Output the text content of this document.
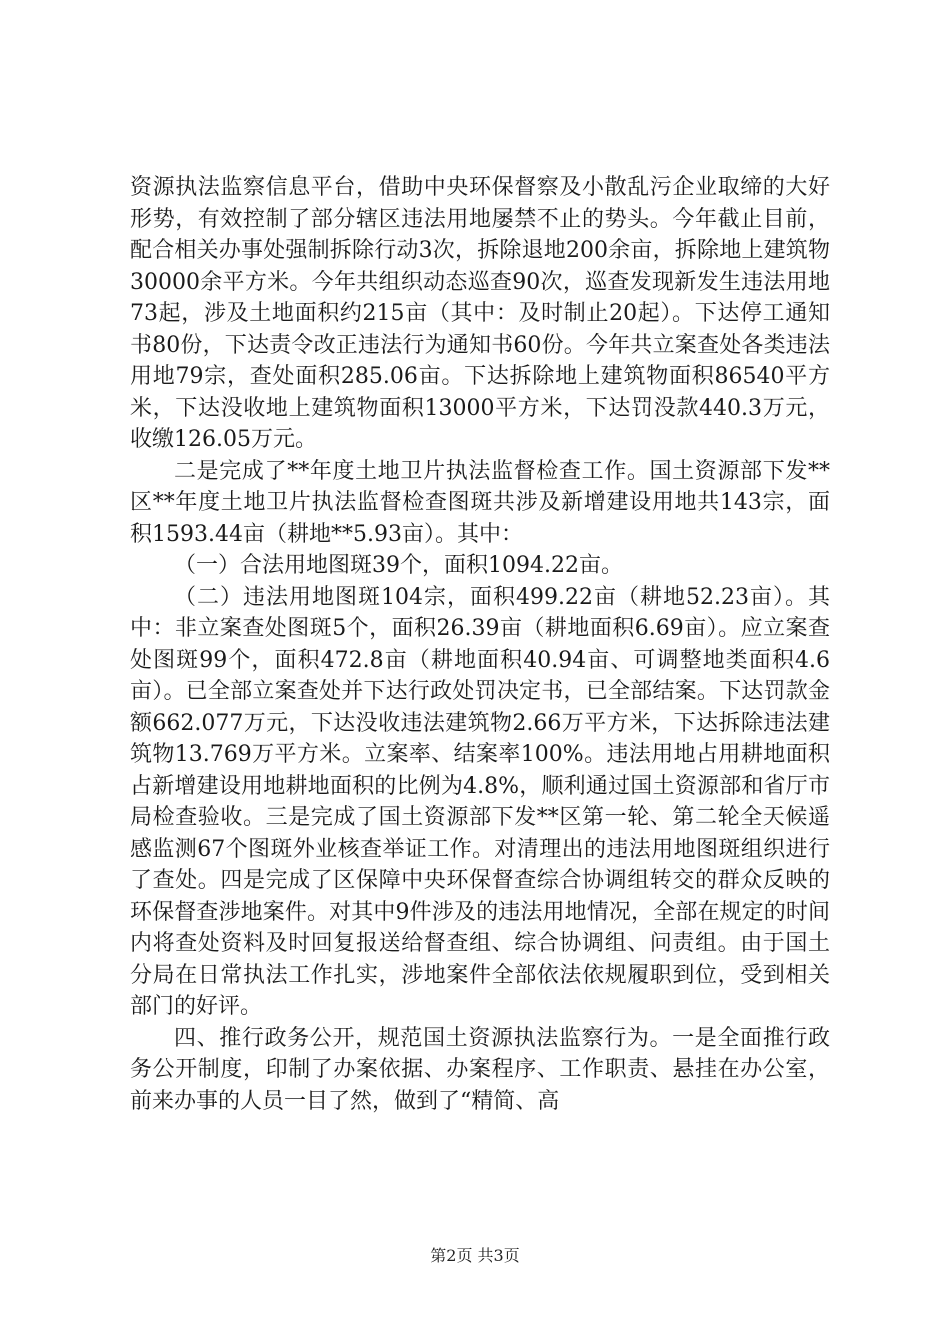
资源执法监察信息平台，借助中央环保督察及小散乱污企业取缔的大好形势，有效控制了部分辖区违法用地屡禁不止的势头。今年截止目前，配合相关办事处强制拆除行动3次，拆除退地200余亩，拆除地上建筑物30000余平方米。今年共组织动态巡查90次，巡查发现新发生违法用地73起，涉及土地面积约215亩（其中：及时制止20起）。下达停工通知书80份，下达责令改正违法行为通知书60份。今年共立案查处各类违法用地79宗，查处面积285.06亩。下达拆除地上建筑物面积86540平方米，下达没收地上建筑物面积13000平方米，下达罚没款440.3万元，收缴126.05万元。

二是完成了**年度土地卫片执法监督检查工作。国土资源部下发**区**年度土地卫片执法监督检查图斑共涉及新增建设用地共143宗，面积1593.44亩（耕地**5.93亩）。其中：

（一）合法用地图斑39个，面积1094.22亩。

（二）违法用地图斑104宗，面积499.22亩（耕地52.23亩）。其中：非立案查处图斑5个，面积26.39亩（耕地面积6.69亩）。应立案查处图斑99个，面积472.8亩（耕地面积40.94亩、可调整地类面积4.6亩）。已全部立案查处并下达行政处罚决定书，已全部结案。下达罚款金额662.077万元，下达没收违法建筑物2.66万平方米，下达拆除违法建筑物13.769万平方米。立案率、结案率100%。违法用地占用耕地面积占新增建设用地耕地面积的比例为4.8%，顺利通过国土资源部和省厅市局检查验收。三是完成了国土资源部下发**区第一轮、第二轮全天候遥感监测67个图斑外业核查举证工作。对清理出的违法用地图斑组织进行了查处。四是完成了区保障中央环保督查综合协调组转交的群众反映的环保督查涉地案件。对其中9件涉及的违法用地情况，全部在规定的时间内将查处资料及时回复报送给督查组、综合协调组、问责组。由于国土分局在日常执法工作扎实，涉地案件全部依法依规履职到位，受到相关部门的好评。

四、推行政务公开，规范国土资源执法监察行为。一是全面推行政务公开制度，印制了办案依据、办案程序、工作职责、悬挂在办公室，前来办事的人员一目了然，做到了“精简、高

第2页 共3页
